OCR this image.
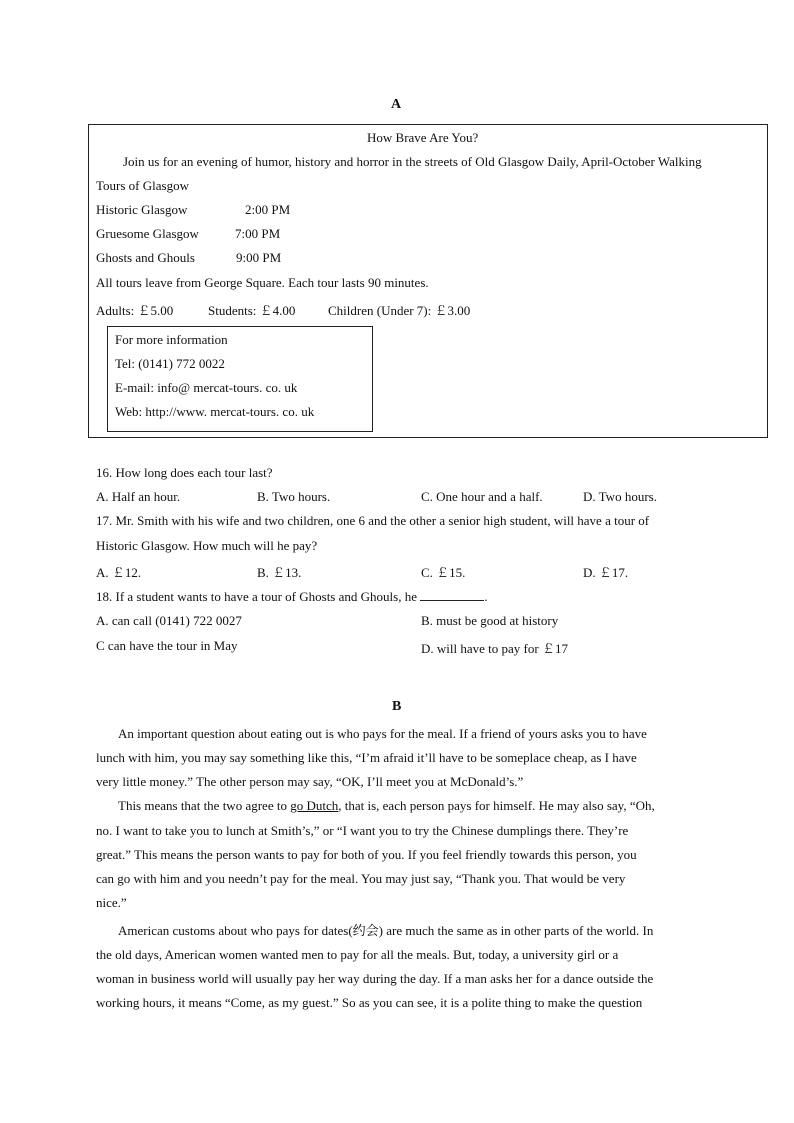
A
How Brave Are You?
Join us for an evening of humor, history and horror in the streets of Old Glasgow Daily, April-October Walking
Tours of Glasgow
Historic Glasgow	2:00 PM
Gruesome Glasgow	7:00 PM
Ghosts and Ghouls	9:00 PM
All tours leave from George Square. Each tour lasts 90 minutes.
Adults: ￡5.00	Students: ￡4.00	Children (Under 7): ￡3.00
For more information
Tel: (0141) 772 0022
E-mail: info@ mercat-tours. co. uk
Web: http://www. mercat-tours. co. uk
16. How long does each tour last?
A. Half an hour.	B. Two hours.	C. One hour and a half.	D. Two hours.
17. Mr. Smith with his wife and two children, one 6 and the other a senior high student, will have a tour of
Historic Glasgow. How much will he pay?
A. ￡12.	B. ￡13.	C. ￡15.	D. ￡17.
18. If a student wants to have a tour of Ghosts and Ghouls, he	.
A. can call (0141) 722 0027	B. must be good at history
C can have the tour in May	D. will have to pay for ￡17
B
An important question about eating out is who pays for the meal. If a friend of yours asks you to have
lunch with him, you may say something like this, “I’m afraid it’ll have to be someplace cheap, as I have
very little money.” The other person may say, “OK, I’ll meet you at McDonald’s.”
This means that the two agree to go Dutch, that is, each person pays for himself. He may also say, “Oh,
no. I want to take you to lunch at Smith’s,” or “I want you to try the Chinese dumplings there. They’re
great.” This means the person wants to pay for both of you. If you feel friendly towards this person, you
can go with him and you needn’t pay for the meal. You may just say, “Thank you. That would be very
nice.”
American customs about who pays for dates(约会) are much the same as in other parts of the world. In
the old days, American women wanted men to pay for all the meals. But, today, a university girl or a
woman in business world will usually pay her way during the day. If a man asks her for a dance outside the
working hours, it means “Come, as my guest.” So as you can see, it is a polite thing to make the question
